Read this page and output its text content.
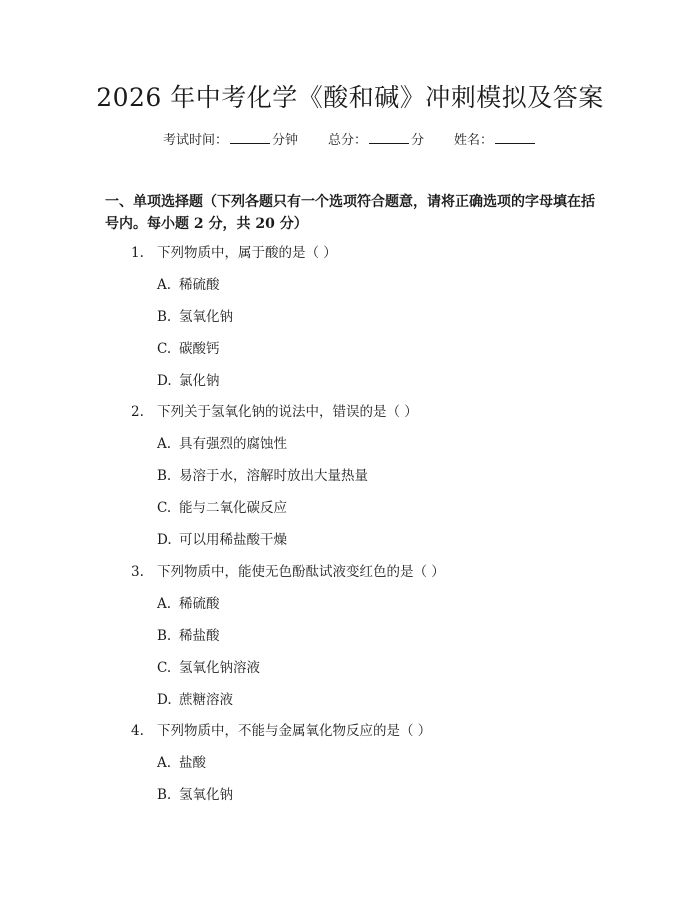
2026 年中考化学《酸和碱》冲刺模拟及答案
考试时间：	分钟 总分：	分 姓名：
一、单项选择题（下列各题只有一个选项符合题意，请将正确选项的字母填在括号内。每小题 2 分，共 20 分）
1. 下列物质中，属于酸的是（ ）
A. 稀硫酸
B. 氢氧化钠
C. 碳酸钙
D. 氯化钠
2. 下列关于氢氧化钠的说法中，错误的是（ ）
A. 具有强烈的腐蚀性
B. 易溶于水，溶解时放出大量热量
C. 能与二氧化碳反应
D. 可以用稀盐酸干燥
3. 下列物质中，能使无色酚酞试液变红色的是（ ）
A. 稀硫酸
B. 稀盐酸
C. 氢氧化钠溶液
D. 蔗糖溶液
4. 下列物质中，不能与金属氧化物反应的是（ ）
A. 盐酸
B. 氢氧化钠
